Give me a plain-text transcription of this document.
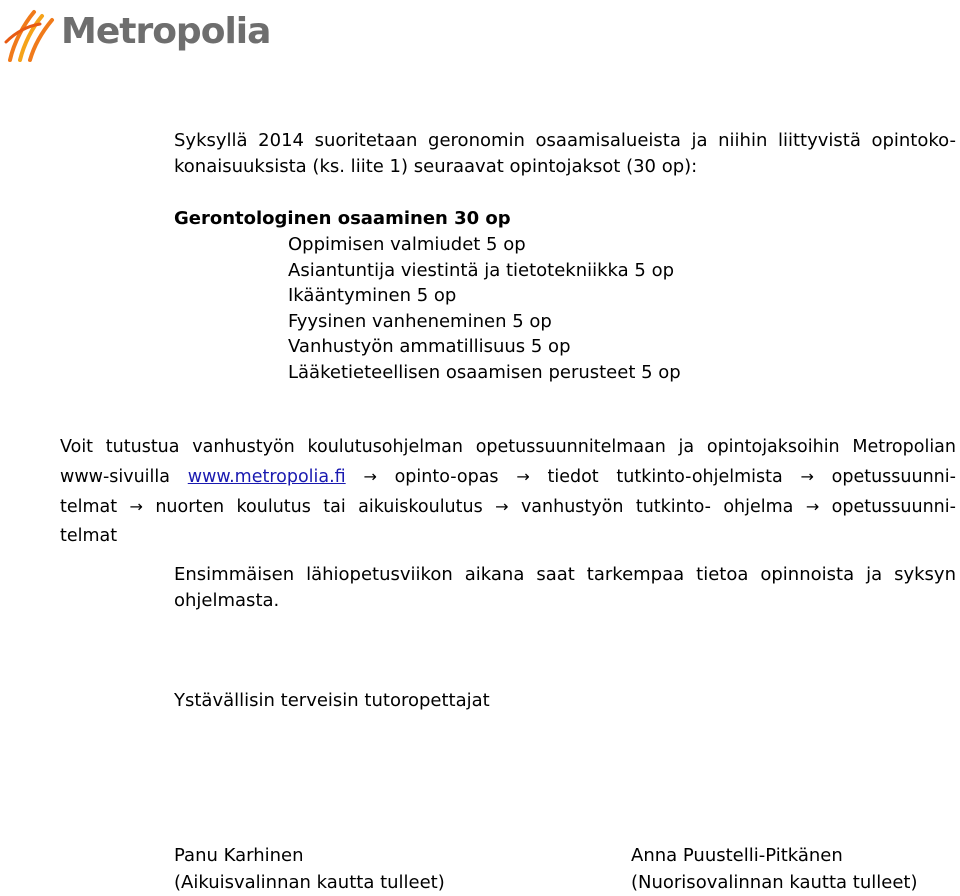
Metropolia
Syksyllä 2014 suoritetaan geronomin osaamisalueista ja niihin liittyvistä opintoko-
konaisuuksista (ks. liite 1) seuraavat opintojaksot (30 op):
Gerontologinen osaaminen 30 op
Oppimisen valmiudet 5 op
Asiantuntija viestintä ja tietotekniikka 5 op
Ikääntyminen 5 op
Fyysinen vanheneminen 5 op
Vanhustyön ammatillisuus 5 op
Lääketieteellisen osaamisen perusteet 5 op
Voit tutustua vanhustyön koulutusohjelman opetussuunnitelmaan ja opintojaksoihin Metropolian
www-sivuilla www.metropolia.fi → opinto-opas → tiedot tutkinto-ohjelmista → opetussuunni-
telmat → nuorten koulutus tai aikuiskoulutus → vanhustyön tutkinto- ohjelma → opetussuunni-
telmat
Ensimmäisen lähiopetusviikon aikana saat tarkempaa tietoa opinnoista ja syksyn
ohjelmasta.
Ystävällisin terveisin tutoropettajat
Panu Karhinen
(Aikuisvalinnan kautta tulleet)
Anna Puustelli-Pitkänen
(Nuorisovalinnan kautta tulleet)
